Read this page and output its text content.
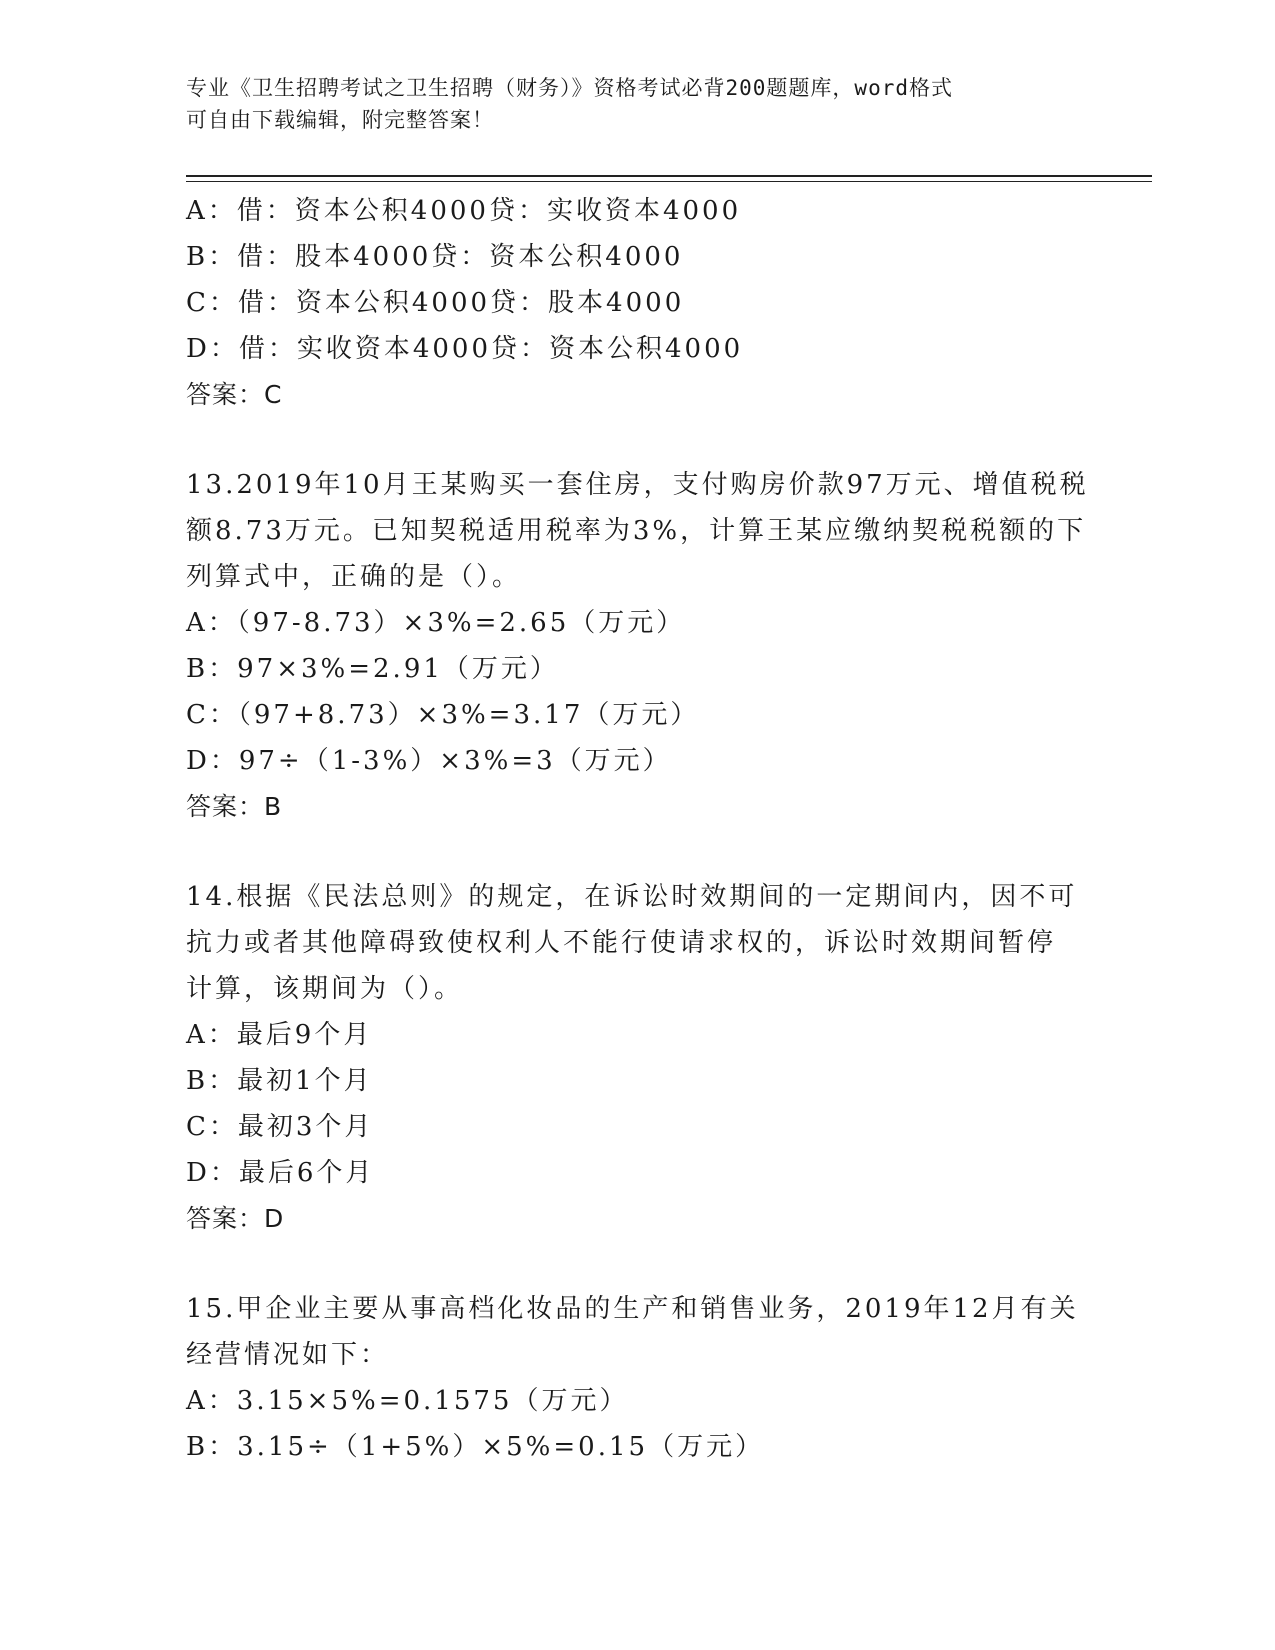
专业《卫生招聘考试之卫生招聘（财务）》资格考试必背200题题库，word格式
可自由下载编辑，附完整答案！
A：借：资本公积4000贷：实收资本4000
B：借：股本4000贷：资本公积4000
C：借：资本公积4000贷：股本4000
D：借：实收资本4000贷：资本公积4000
答案：C
13.2019年10月王某购买一套住房，支付购房价款97万元、增值税税
额8.73万元。已知契税适用税率为3%，计算王某应缴纳契税税额的下
列算式中，正确的是（）。
A：（97-8.73）×3%=2.65（万元）
B：97×3%=2.91（万元）
C：（97+8.73）×3%=3.17（万元）
D：97÷（1-3%）×3%=3（万元）
答案：B
14.根据《民法总则》的规定，在诉讼时效期间的一定期间内，因不可
抗力或者其他障碍致使权利人不能行使请求权的，诉讼时效期间暂停
计算，该期间为（）。
A：最后9个月
B：最初1个月
C：最初3个月
D：最后6个月
答案：D
15.甲企业主要从事高档化妆品的生产和销售业务，2019年12月有关
经营情况如下：
A：3.15×5%=0.1575（万元）
B：3.15÷（1+5%）×5%=0.15（万元）
